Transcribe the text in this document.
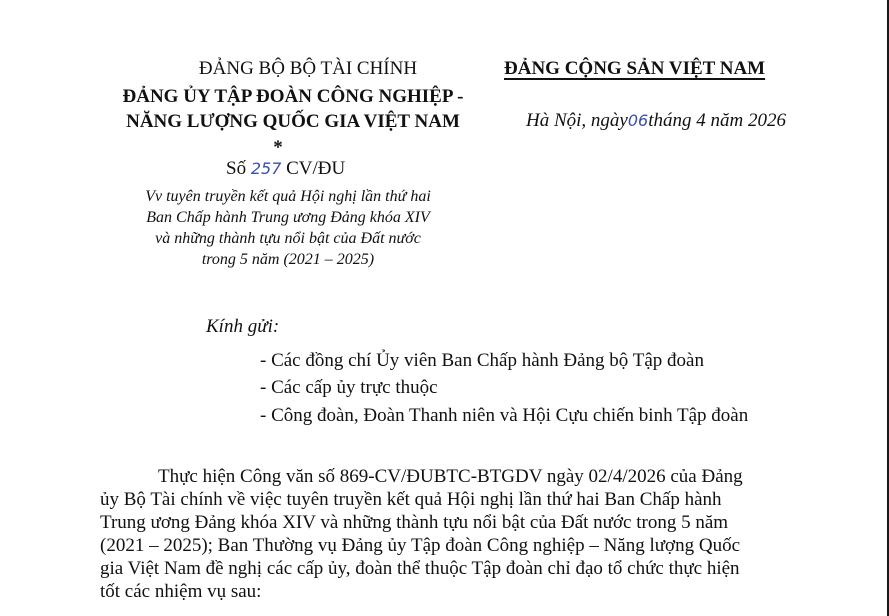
ĐẢNG BỘ BỘ TÀI CHÍNH
ĐẢNG ỦY TẬP ĐOÀN CÔNG NGHIỆP -
NĂNG LƯỢNG QUỐC GIA VIỆT NAM
*
Số 257 CV/ĐU
Vv tuyên truyền kết quả Hội nghị lần thứ hai
Ban Chấp hành Trung ương Đảng khóa XIV
và những thành tựu nổi bật của Đất nước
trong 5 năm (2021 – 2025)
ĐẢNG CỘNG SẢN VIỆT NAM
Hà Nội, ngày06tháng 4 năm 2026
Kính gửi:
- Các đồng chí Ủy viên Ban Chấp hành Đảng bộ Tập đoàn
- Các cấp ủy trực thuộc
- Công đoàn, Đoàn Thanh niên và Hội Cựu chiến binh Tập đoàn
Thực hiện Công văn số 869-CV/ĐUBTC-BTGDV ngày 02/4/2026 của Đảng
ủy Bộ Tài chính về việc tuyên truyền kết quả Hội nghị lần thứ hai Ban Chấp hành
Trung ương Đảng khóa XIV và những thành tựu nổi bật của Đất nước trong 5 năm
(2021 – 2025); Ban Thường vụ Đảng ủy Tập đoàn Công nghiệp – Năng lượng Quốc
gia Việt Nam đề nghị các cấp ủy, đoàn thể thuộc Tập đoàn chỉ đạo tổ chức thực hiện
tốt các nhiệm vụ sau:
